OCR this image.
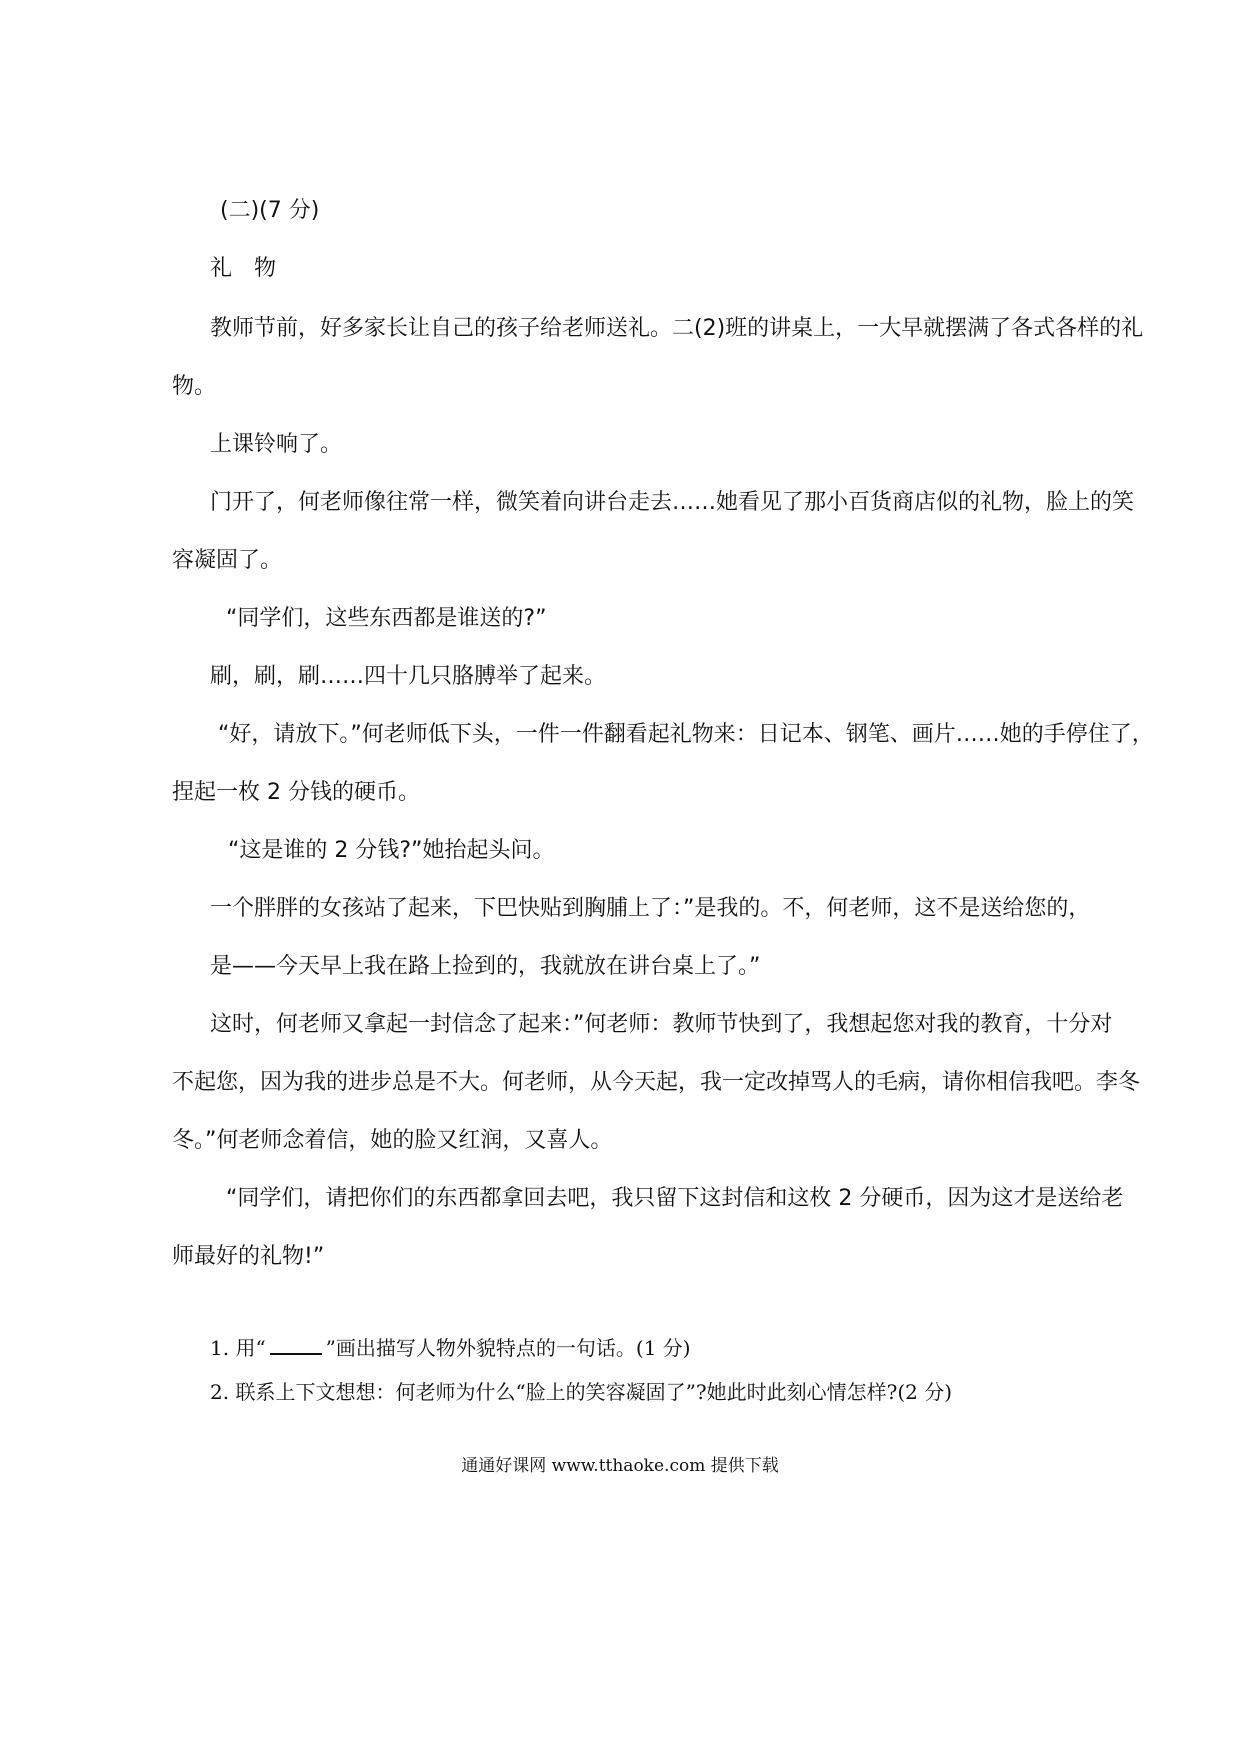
(二)(7 分)
礼　物
教师节前，好多家长让自己的孩子给老师送礼。二(2)班的讲桌上，一大早就摆满了各式各样的礼
物。
上课铃响了。
门开了，何老师像往常一样，微笑着向讲台走去……她看见了那小百货商店似的礼物，脸上的笑
容凝固了。
“同学们，这些东西都是谁送的?”
刷，刷，刷……四十几只胳膊举了起来。
“好，请放下。”何老师低下头，一件一件翻看起礼物来：日记本、钢笔、画片……她的手停住了，
捏起一枚 2 分钱的硬币。
“这是谁的 2 分钱?”她抬起头问。
一个胖胖的女孩站了起来，下巴快贴到胸脯上了：”是我的。不，何老师，这不是送给您的，
是——今天早上我在路上捡到的，我就放在讲台桌上了。”
这时，何老师又拿起一封信念了起来：”何老师：教师节快到了，我想起您对我的教育，十分对
不起您，因为我的进步总是不大。何老师，从今天起，我一定改掉骂人的毛病，请你相信我吧。李冬
冬。”何老师念着信，她的脸又红润，又喜人。
“同学们，请把你们的东西都拿回去吧，我只留下这封信和这枚 2 分硬币，因为这才是送给老
师最好的礼物!”
1. 用“	”画出描写人物外貌特点的一句话。(1 分)
2. 联系上下文想想：何老师为什么“脸上的笑容凝固了”?她此时此刻心情怎样?(2 分)
通通好课网 www.tthaoke.com 提供下载
